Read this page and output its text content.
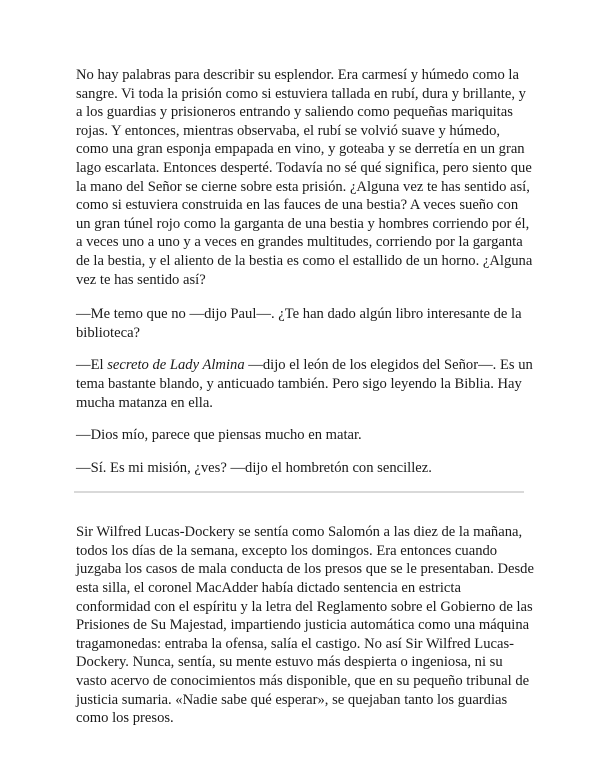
No hay palabras para describir su esplendor. Era carmesí y húmedo como la sangre. Vi toda la prisión como si estuviera tallada en rubí, dura y brillante, y a los guardias y prisioneros entrando y saliendo como pequeñas mariquitas rojas. Y entonces, mientras observaba, el rubí se volvió suave y húmedo, como una gran esponja empapada en vino, y goteaba y se derretía en un gran lago escarlata. Entonces desperté. Todavía no sé qué significa, pero siento que la mano del Señor se cierne sobre esta prisión. ¿Alguna vez te has sentido así, como si estuviera construida en las fauces de una bestia? A veces sueño con un gran túnel rojo como la garganta de una bestia y hombres corriendo por él, a veces uno a uno y a veces en grandes multitudes, corriendo por la garganta de la bestia, y el aliento de la bestia es como el estallido de un horno. ¿Alguna vez te has sentido así?

—Me temo que no —dijo Paul—. ¿Te han dado algún libro interesante de la biblioteca?

—El secreto de Lady Almina —dijo el león de los elegidos del Señor—. Es un tema bastante blando, y anticuado también. Pero sigo leyendo la Biblia. Hay mucha matanza en ella.

—Dios mío, parece que piensas mucho en matar.

—Sí. Es mi misión, ¿ves? —dijo el hombretón con sencillez.

Sir Wilfred Lucas-Dockery se sentía como Salomón a las diez de la mañana, todos los días de la semana, excepto los domingos. Era entonces cuando juzgaba los casos de mala conducta de los presos que se le presentaban. Desde esta silla, el coronel MacAdder había dictado sentencia en estricta conformidad con el espíritu y la letra del Reglamento sobre el Gobierno de las Prisiones de Su Majestad, impartiendo justicia automática como una máquina tragamonedas: entraba la ofensa, salía el castigo. No así Sir Wilfred Lucas-Dockery. Nunca, sentía, su mente estuvo más despierta o ingeniosa, ni su vasto acervo de conocimientos más disponible, que en su pequeño tribunal de justicia sumaria. «Nadie sabe qué esperar», se quejaban tanto los guardias como los presos.
